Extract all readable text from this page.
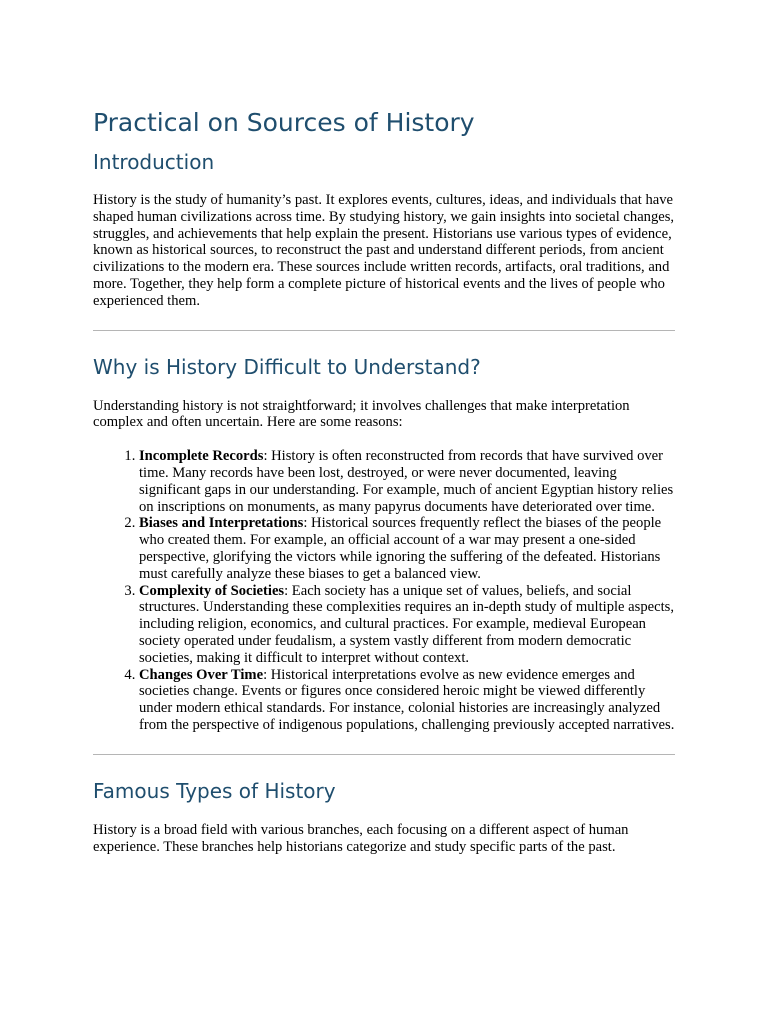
Practical on Sources of History
Introduction

History is the study of humanity’s past. It explores events, cultures, ideas, and individuals that have shaped human civilizations across time. By studying history, we gain insights into societal changes, struggles, and achievements that help explain the present. Historians use various types of evidence, known as historical sources, to reconstruct the past and understand different periods, from ancient civilizations to the modern era. These sources include written records, artifacts, oral traditions, and more. Together, they help form a complete picture of historical events and the lives of people who experienced them.

Why is History Difficult to Understand?

Understanding history is not straightforward; it involves challenges that make interpretation complex and often uncertain. Here are some reasons:

1. Incomplete Records: History is often reconstructed from records that have survived over time. Many records have been lost, destroyed, or were never documented, leaving significant gaps in our understanding. For example, much of ancient Egyptian history relies on inscriptions on monuments, as many papyrus documents have deteriorated over time.
2. Biases and Interpretations: Historical sources frequently reflect the biases of the people who created them. For example, an official account of a war may present a one-sided perspective, glorifying the victors while ignoring the suffering of the defeated. Historians must carefully analyze these biases to get a balanced view.
3. Complexity of Societies: Each society has a unique set of values, beliefs, and social structures. Understanding these complexities requires an in-depth study of multiple aspects, including religion, economics, and cultural practices. For example, medieval European society operated under feudalism, a system vastly different from modern democratic societies, making it difficult to interpret without context.
4. Changes Over Time: Historical interpretations evolve as new evidence emerges and societies change. Events or figures once considered heroic might be viewed differently under modern ethical standards. For instance, colonial histories are increasingly analyzed from the perspective of indigenous populations, challenging previously accepted narratives.
Famous Types of History

History is a broad field with various branches, each focusing on a different aspect of human experience. These branches help historians categorize and study specific parts of the past.
